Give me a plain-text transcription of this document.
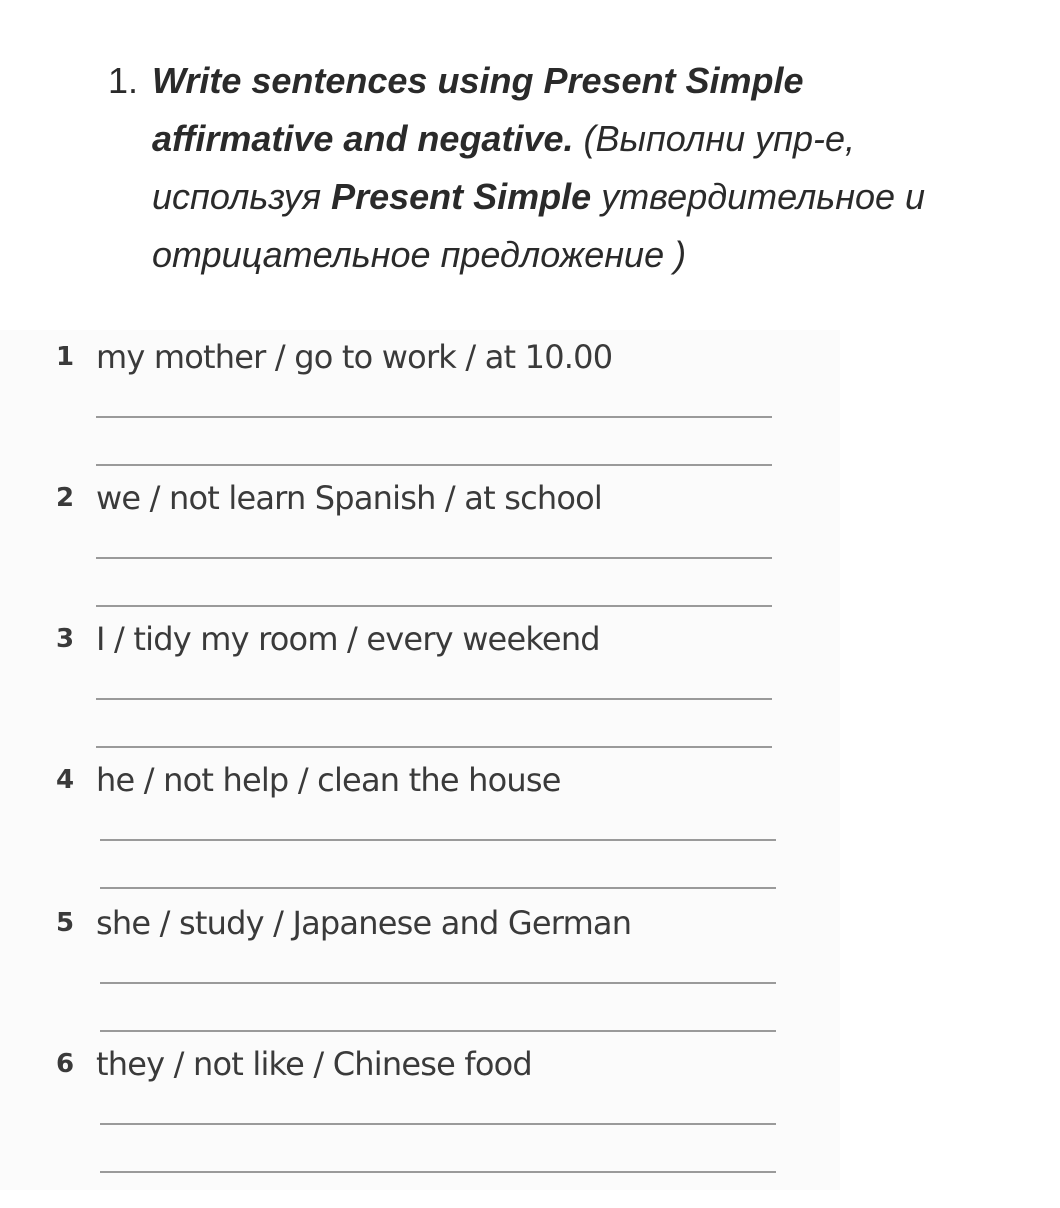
1. Write sentences using Present Simple
affirmative and negative. (Выполни упр-е,
используя Present Simple утвердительное и
отрицательное предложение )
1 my mother / go to work / at 10.00
2 we / not learn Spanish / at school
3 I / tidy my room / every weekend
4 he / not help / clean the house
5 she / study / Japanese and German
6 they / not like / Chinese food
